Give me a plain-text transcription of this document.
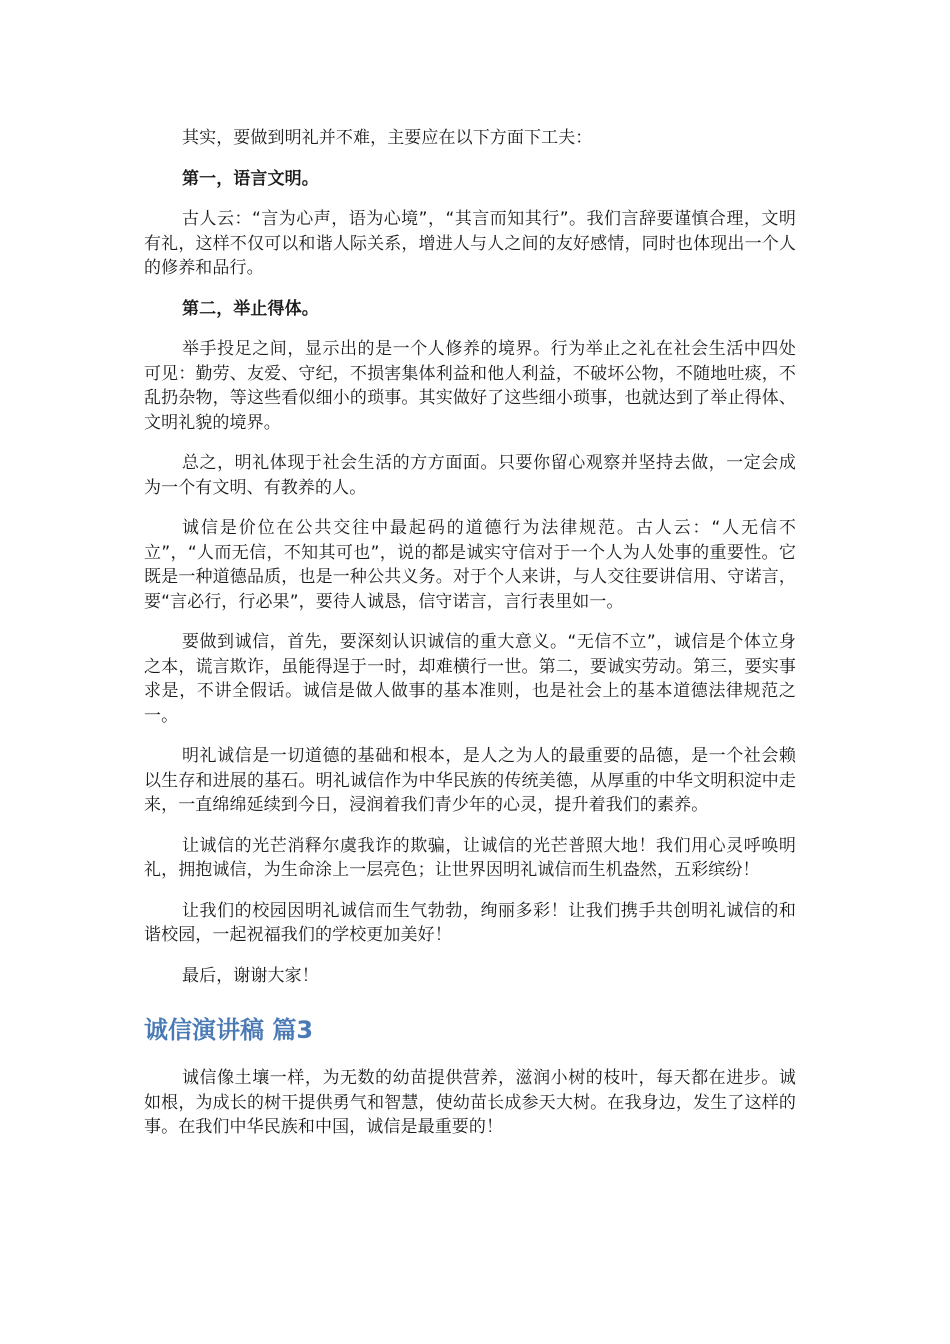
其实，要做到明礼并不难，主要应在以下方面下工夫：

第一，语言文明。

古人云：“言为心声，语为心境”，“其言而知其行”。我们言辞要谨慎合理，文明有礼，这样不仅可以和谐人际关系，增进人与人之间的友好感情，同时也体现出一个人的修养和品行。

第二，举止得体。

举手投足之间，显示出的是一个人修养的境界。行为举止之礼在社会生活中四处可见：勤劳、友爱、守纪，不损害集体利益和他人利益，不破坏公物，不随地吐痰，不乱扔杂物，等这些看似细小的琐事。其实做好了这些细小琐事，也就达到了举止得体、文明礼貌的境界。

总之，明礼体现于社会生活的方方面面。只要你留心观察并坚持去做，一定会成为一个有文明、有教养的人。

诚信是价位在公共交往中最起码的道德行为法律规范。古人云：“人无信不立”，“人而无信，不知其可也”，说的都是诚实守信对于一个人为人处事的重要性。它既是一种道德品质，也是一种公共义务。对于个人来讲，与人交往要讲信用、守诺言，要“言必行，行必果”，要待人诚恳，信守诺言，言行表里如一。

要做到诚信，首先，要深刻认识诚信的重大意义。“无信不立”，诚信是个体立身之本，谎言欺诈，虽能得逞于一时，却难横行一世。第二，要诚实劳动。第三，要实事求是，不讲全假话。诚信是做人做事的基本准则，也是社会上的基本道德法律规范之一。

明礼诚信是一切道德的基础和根本，是人之为人的最重要的品德，是一个社会赖以生存和进展的基石。明礼诚信作为中华民族的传统美德，从厚重的中华文明积淀中走来，一直绵绵延续到今日，浸润着我们青少年的心灵，提升着我们的素养。

让诚信的光芒消释尔虞我诈的欺骗，让诚信的光芒普照大地！我们用心灵呼唤明礼，拥抱诚信，为生命涂上一层亮色；让世界因明礼诚信而生机盎然，五彩缤纷！

让我们的校园因明礼诚信而生气勃勃，绚丽多彩！让我们携手共创明礼诚信的和谐校园，一起祝福我们的学校更加美好！

最后，谢谢大家！

诚信演讲稿 篇3

诚信像土壤一样，为无数的幼苗提供营养，滋润小树的枝叶，每天都在进步。诚如根，为成长的树干提供勇气和智慧，使幼苗长成参天大树。在我身边，发生了这样的事。在我们中华民族和中国，诚信是最重要的！
